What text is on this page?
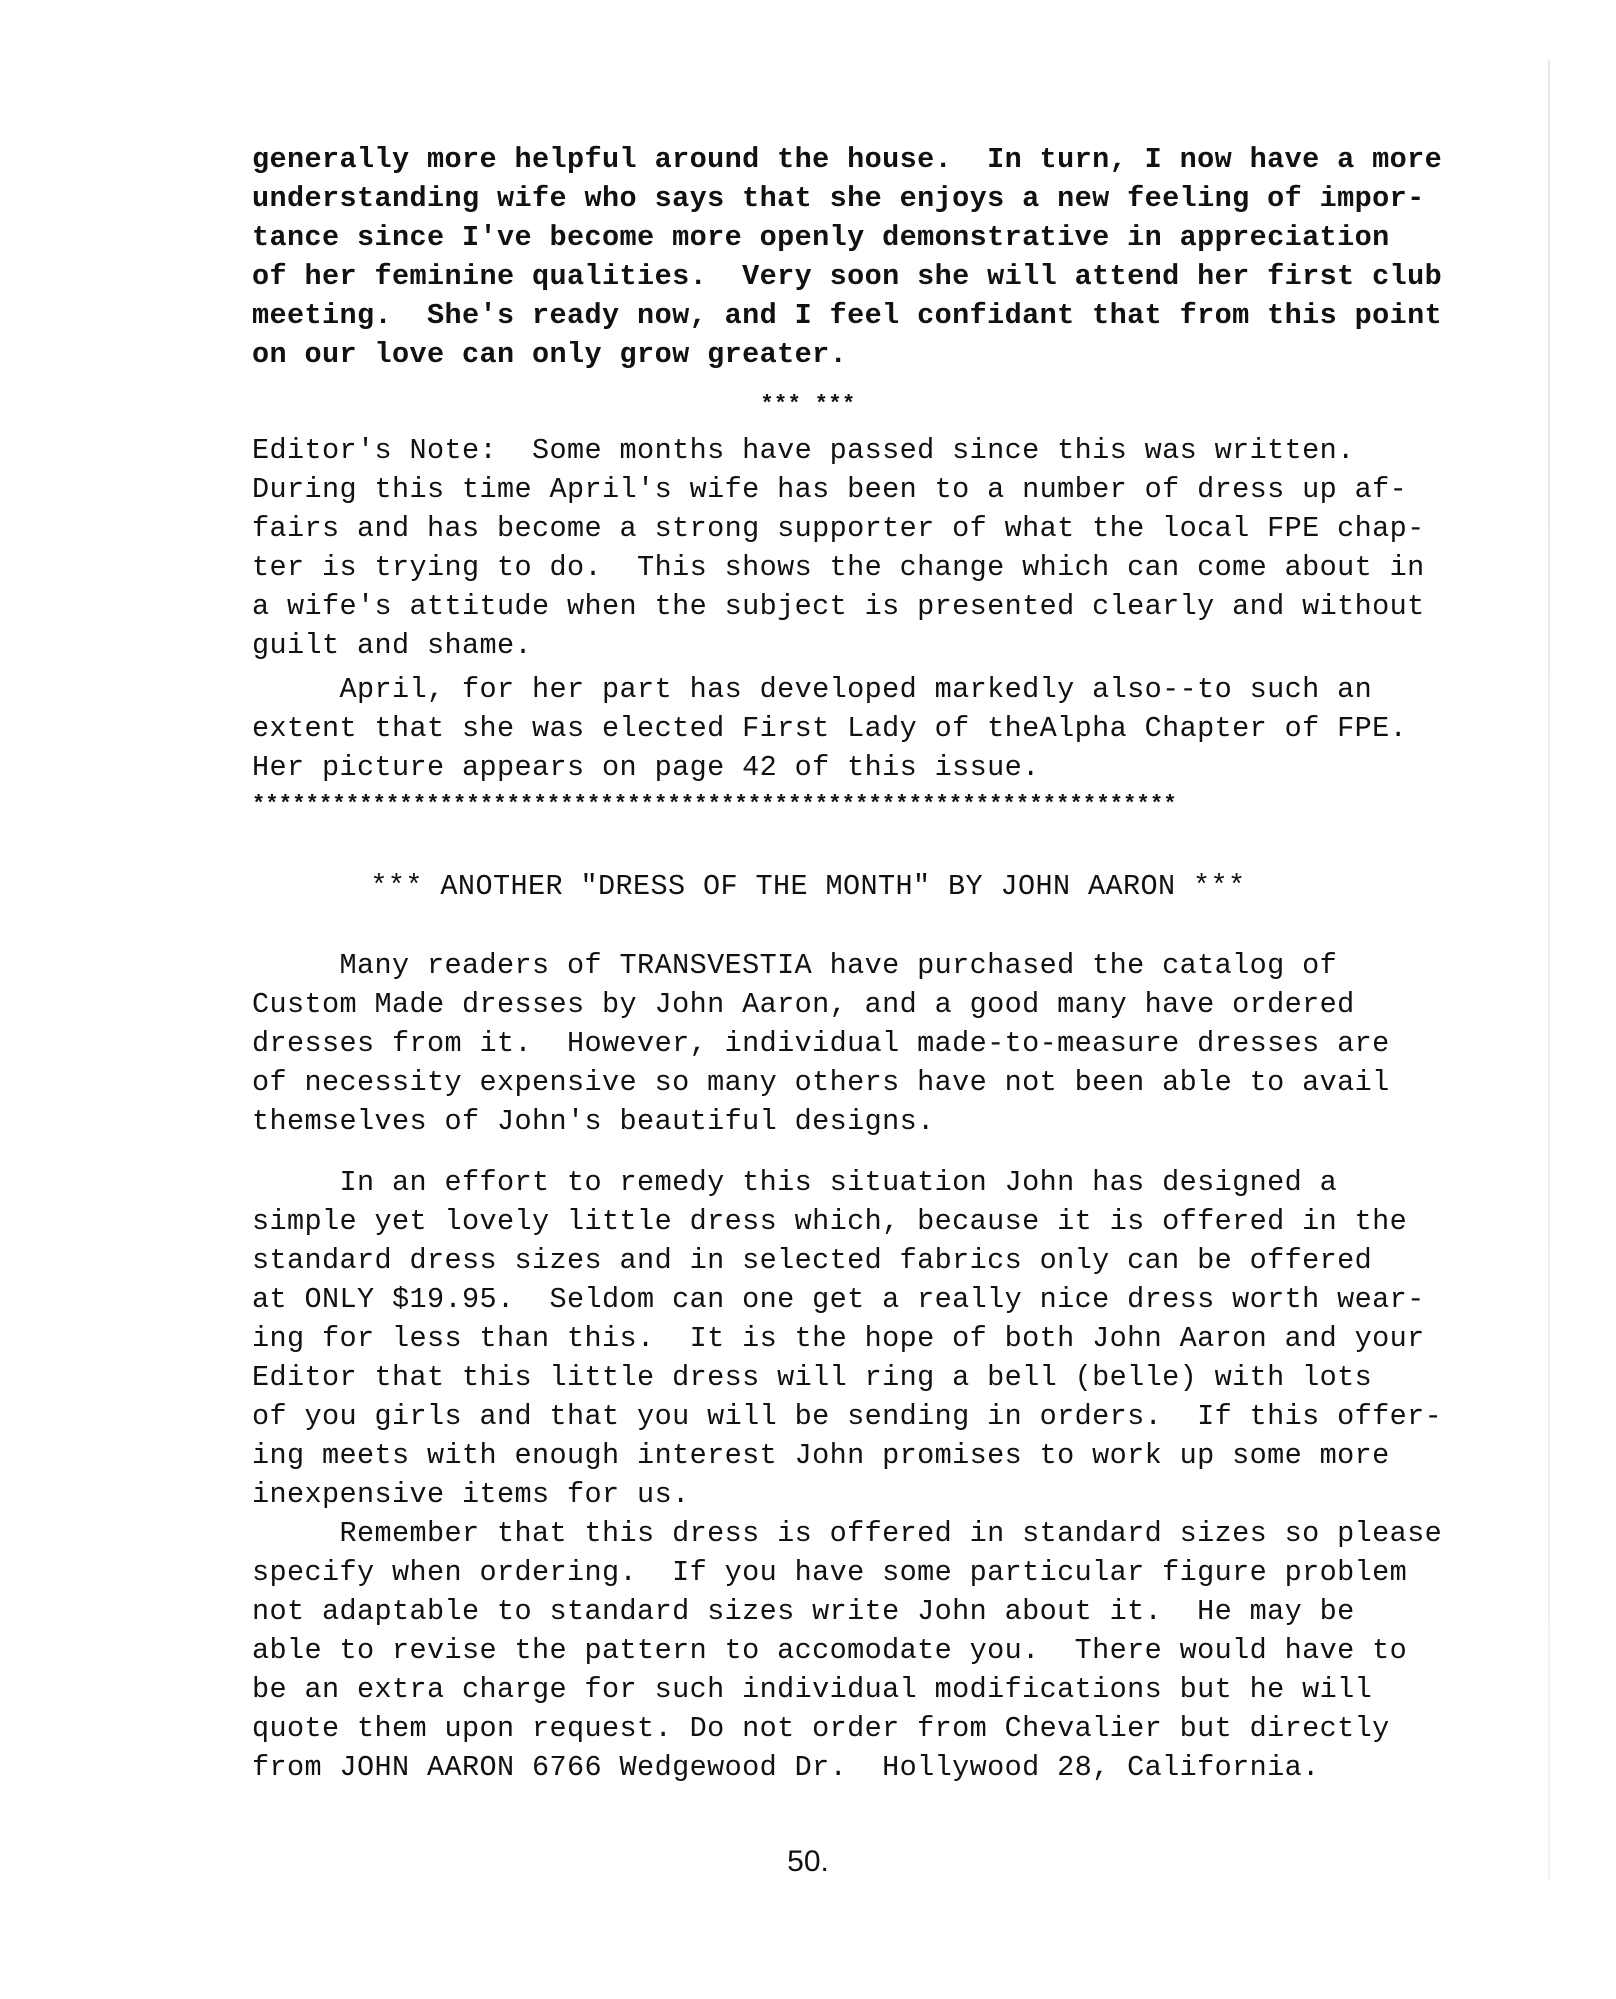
generally more helpful around the house.  In turn, I now have a more
understanding wife who says that she enjoys a new feeling of impor-
tance since I've become more openly demonstrative in appreciation
of her feminine qualities.  Very soon she will attend her first club
meeting.  She's ready now, and I feel confidant that from this point
on our love can only grow greater.
*** ***
Editor's Note:  Some months have passed since this was written.
During this time April's wife has been to a number of dress up af-
fairs and has become a strong supporter of what the local FPE chap-
ter is trying to do.  This shows the change which can come about in
a wife's attitude when the subject is presented clearly and without
guilt and shame.
April, for her part has developed markedly also--to such an
extent that she was elected First Lady of theAlpha Chapter of FPE.
Her picture appears on page 42 of this issue.
*********************************************************************
*** ANOTHER "DRESS OF THE MONTH" BY JOHN AARON ***
Many readers of TRANSVESTIA have purchased the catalog of
Custom Made dresses by John Aaron, and a good many have ordered
dresses from it.  However, individual made-to-measure dresses are
of necessity expensive so many others have not been able to avail
themselves of John's beautiful designs.
In an effort to remedy this situation John has designed a
simple yet lovely little dress which, because it is offered in the
standard dress sizes and in selected fabrics only can be offered
at ONLY $19.95.  Seldom can one get a really nice dress worth wear-
ing for less than this.  It is the hope of both John Aaron and your
Editor that this little dress will ring a bell (belle) with lots
of you girls and that you will be sending in orders.  If this offer-
ing meets with enough interest John promises to work up some more
inexpensive items for us.
Remember that this dress is offered in standard sizes so please
specify when ordering.  If you have some particular figure problem
not adaptable to standard sizes write John about it.  He may be
able to revise the pattern to accomodate you.  There would have to
be an extra charge for such individual modifications but he will
quote them upon request. Do not order from Chevalier but directly
from JOHN AARON 6766 Wedgewood Dr.  Hollywood 28, California.
50.
